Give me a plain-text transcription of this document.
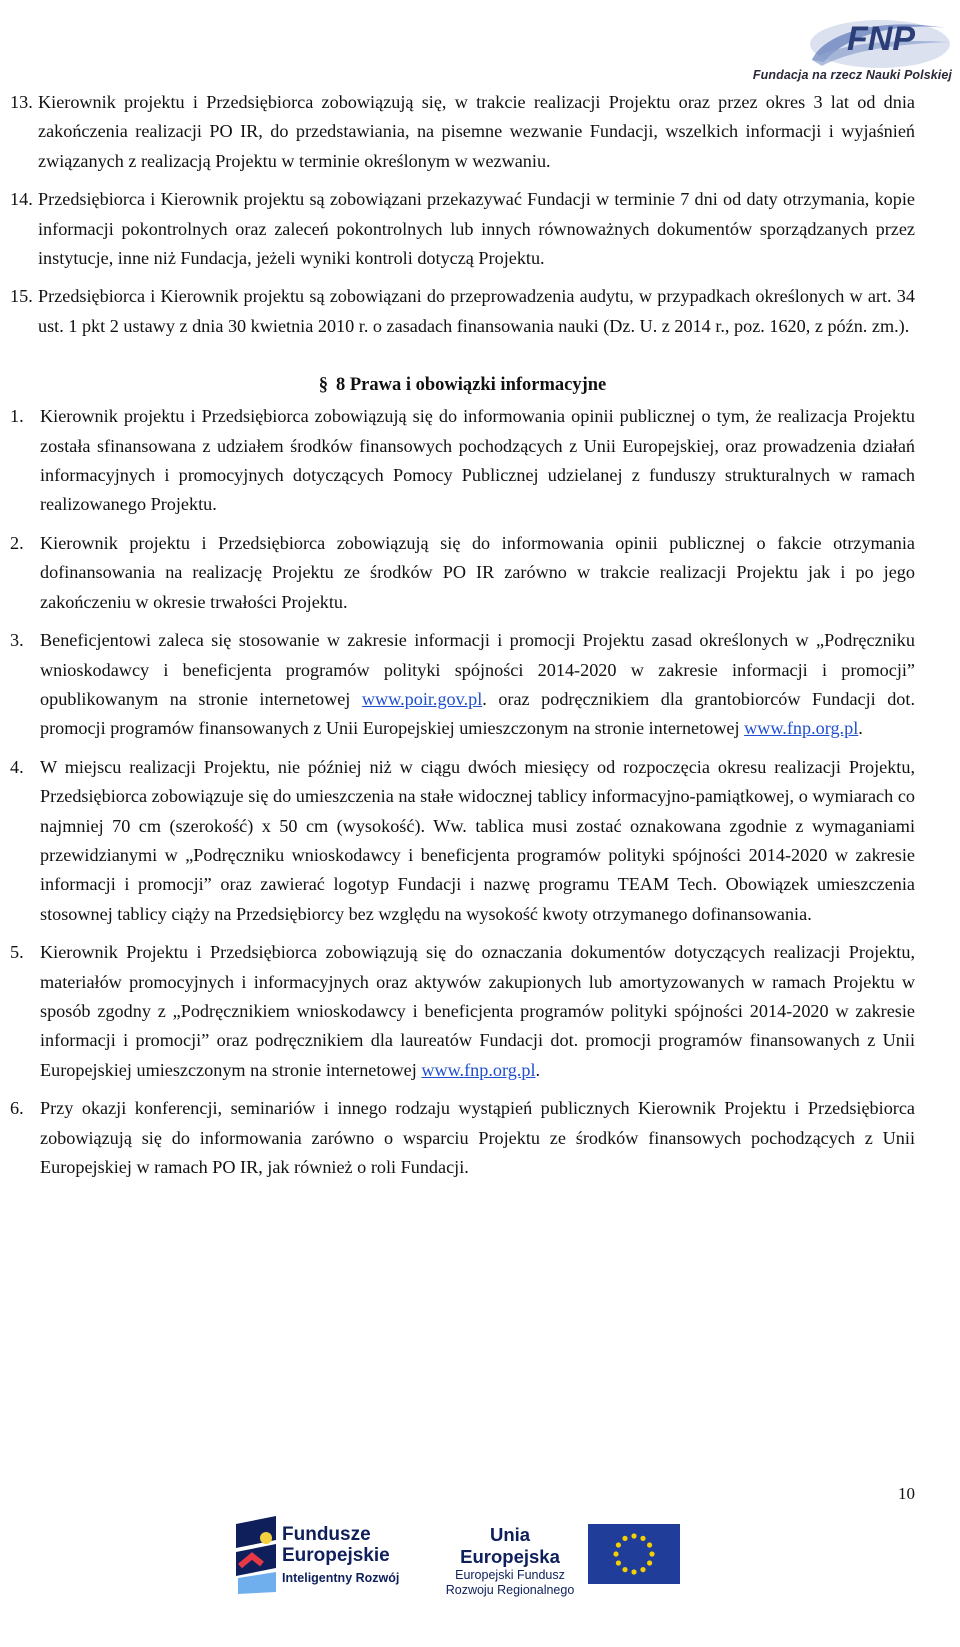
FNP
Fundacja na rzecz Nauki Polskiej
13. Kierownik projektu i Przedsiębiorca zobowiązują się, w trakcie realizacji Projektu oraz przez okres 3 lat od dnia zakończenia realizacji PO IR, do przedstawiania, na pisemne wezwanie Fundacji, wszelkich informacji i wyjaśnień związanych z realizacją Projektu w terminie określonym w wezwaniu.
14. Przedsiębiorca i Kierownik projektu są zobowiązani przekazywać Fundacji w terminie 7 dni od daty otrzymania, kopie informacji pokontrolnych oraz zaleceń pokontrolnych lub innych równoważnych dokumentów sporządzanych przez instytucje, inne niż Fundacja, jeżeli wyniki kontroli dotyczą Projektu.
15. Przedsiębiorca i Kierownik projektu są zobowiązani do przeprowadzenia audytu, w przypadkach określonych w art. 34 ust. 1 pkt 2 ustawy z dnia 30 kwietnia 2010 r. o zasadach finansowania nauki (Dz. U. z 2014 r., poz. 1620, z późn. zm.).
§ 8 Prawa i obowiązki informacyjne
1. Kierownik projektu i Przedsiębiorca zobowiązują się do informowania opinii publicznej o tym, że realizacja Projektu została sfinansowana z udziałem środków finansowych pochodzących z Unii Europejskiej, oraz prowadzenia działań informacyjnych i promocyjnych dotyczących Pomocy Publicznej udzielanej z funduszy strukturalnych w ramach realizowanego Projektu.
2. Kierownik projektu i Przedsiębiorca zobowiązują się do informowania opinii publicznej o fakcie otrzymania dofinansowania na realizację Projektu ze środków PO IR zarówno w trakcie realizacji Projektu jak i po jego zakończeniu w okresie trwałości Projektu.
3. Beneficjentowi zaleca się stosowanie w zakresie informacji i promocji Projektu zasad określonych w „Podręczniku wnioskodawcy i beneficjenta programów polityki spójności 2014-2020 w zakresie informacji i promocji” opublikowanym na stronie internetowej www.poir.gov.pl. oraz podręcznikiem dla grantobiorców Fundacji dot. promocji programów finansowanych z Unii Europejskiej umieszczonym na stronie internetowej www.fnp.org.pl.
4. W miejscu realizacji Projektu, nie później niż w ciągu dwóch miesięcy od rozpoczęcia okresu realizacji Projektu, Przedsiębiorca zobowiązuje się do umieszczenia na stałe widocznej tablicy informacyjno-pamiątkowej, o wymiarach co najmniej 70 cm (szerokość) x 50 cm (wysokość). Ww. tablica musi zostać oznakowana zgodnie z wymaganiami przewidzianymi w „Podręczniku wnioskodawcy i beneficjenta programów polityki spójności 2014-2020 w zakresie informacji i promocji” oraz zawierać logotyp Fundacji i nazwę programu TEAM Tech. Obowiązek umieszczenia stosownej tablicy ciąży na Przedsiębiorcy bez względu na wysokość kwoty otrzymanego dofinansowania.
5. Kierownik Projektu i Przedsiębiorca zobowiązują się do oznaczania dokumentów dotyczących realizacji Projektu, materiałów promocyjnych i informacyjnych oraz aktywów zakupionych lub amortyzowanych w ramach Projektu w sposób zgodny z „Podręcznikiem wnioskodawcy i beneficjenta programów polityki spójności 2014-2020 w zakresie informacji i promocji” oraz podręcznikiem dla laureatów Fundacji dot. promocji programów finansowanych z Unii Europejskiej umieszczonym na stronie internetowej www.fnp.org.pl.
6. Przy okazji konferencji, seminariów i innego rodzaju wystąpień publicznych Kierownik Projektu i Przedsiębiorca zobowiązują się do informowania zarówno o wsparciu Projektu ze środków finansowych pochodzących z Unii Europejskiej w ramach PO IR, jak również o roli Fundacji.
10
Fundusze
Europejskie
Inteligentny Rozwój
Unia Europejska
Europejski Fundusz
Rozwoju Regionalnego
